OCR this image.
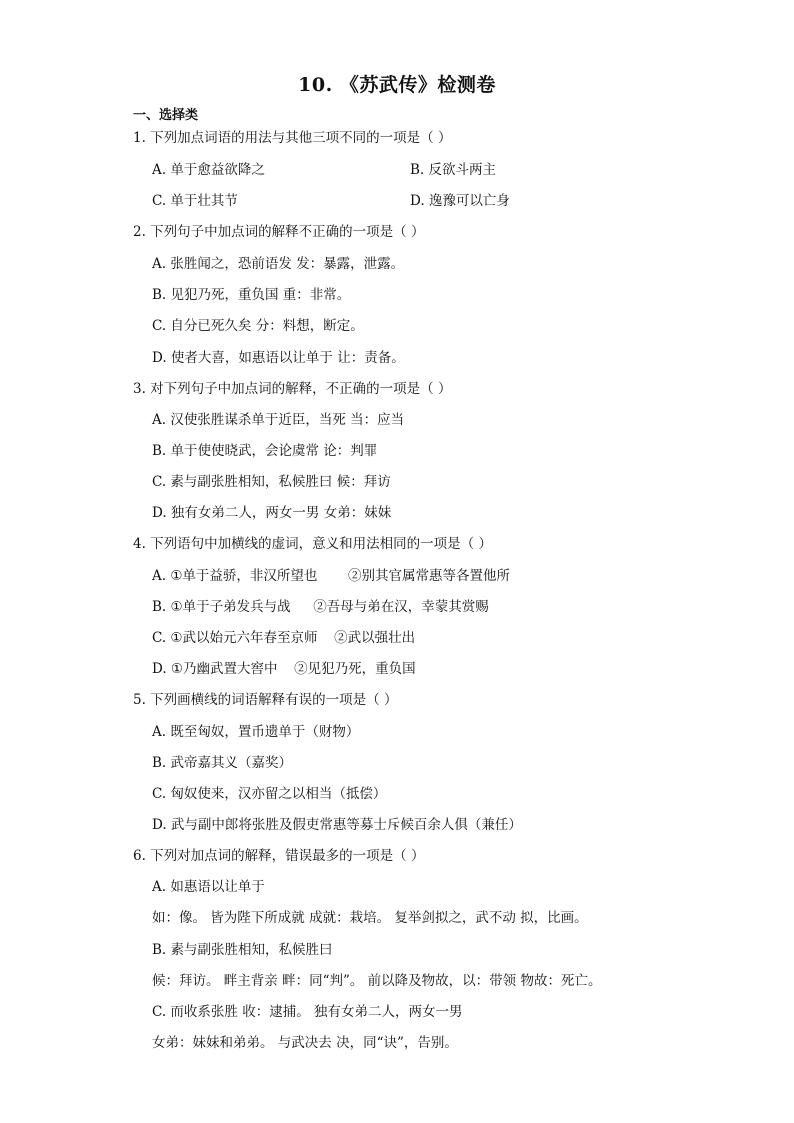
10. 《苏武传》检测卷
一、选择类
1. 下列加点词语的用法与其他三项不同的一项是（ ）
A. 单于愈益欲降之	B. 反欲斗两主
C. 单于壮其节	D. 逸豫可以亡身
2. 下列句子中加点词的解释不正确的一项是（ ）
A. 张胜闻之，恐前语发 发：暴露，泄露。
B. 见犯乃死，重负国 重：非常。
C. 自分已死久矣 分：料想，断定。
D. 使者大喜，如惠语以让单于 让：责备。
3. 对下列句子中加点词的解释，不正确的一项是（ ）
A. 汉使张胜谋杀单于近臣，当死 当：应当
B. 单于使使晓武，会论虞常 论：判罪
C. 素与副张胜相知，私候胜曰 候：拜访
D. 独有女弟二人，两女一男 女弟：妹妹
4. 下列语句中加横线的虚词，意义和用法相同的一项是（ ）
A. ①单于益骄，非汉所望也 ②别其官属常惠等各置他所
B. ①单于子弟发兵与战 ②吾母与弟在汉，幸蒙其赏赐
C. ①武以始元六年春至京师 ②武以强壮出
D. ①乃幽武置大窖中 ②见犯乃死，重负国
5. 下列画横线的词语解释有误的一项是（ ）
A. 既至匈奴，置币遗单于（财物）
B. 武帝嘉其义（嘉奖）
C. 匈奴使来，汉亦留之以相当（抵偿）
D. 武与副中郎将张胜及假吏常惠等募士斥候百余人俱（兼任）
6. 下列对加点词的解释，错误最多的一项是（ ）
A. 如惠语以让单于
如：像。 皆为陛下所成就 成就：栽培。 复举剑拟之，武不动 拟，比画。
B. 素与副张胜相知，私候胜曰
候：拜访。 畔主背亲 畔：同“判”。 前以降及物故，以：带领 物故：死亡。
C. 而收系张胜 收：逮捕。 独有女弟二人，两女一男
女弟：妹妹和弟弟。 与武决去 决，同“诀”，告别。
